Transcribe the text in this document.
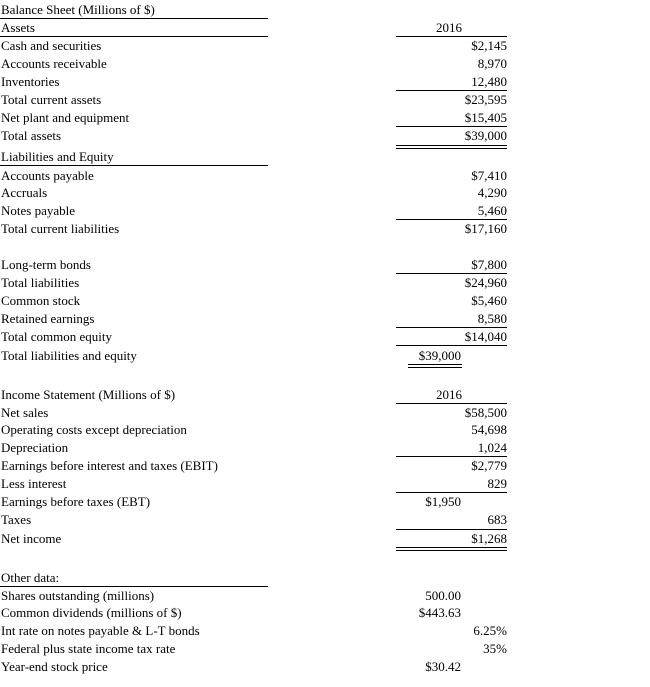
Balance Sheet (Millions of $)
Assets	2016
Cash and securities	$2,145
Accounts receivable	8,970
Inventories	12,480
Total current assets	$23,595
Net plant and equipment	$15,405
Total assets	$39,000
Liabilities and Equity
Accounts payable	$7,410
Accruals	4,290
Notes payable	5,460
Total current liabilities	$17,160
Long-term bonds	$7,800
Total liabilities	$24,960
Common stock	$5,460
Retained earnings	8,580
Total common equity	$14,040
Total liabilities and equity	$39,000
Income Statement (Millions of $)	2016
Net sales	$58,500
Operating costs except depreciation	54,698
Depreciation	1,024
Earnings before interest and taxes (EBIT)	$2,779
Less interest	829
Earnings before taxes (EBT)	$1,950
Taxes	683
Net income	$1,268
Other data:
Shares outstanding (millions)	500.00
Common dividends (millions of $)	$443.63
Int rate on notes payable & L-T bonds	6.25%
Federal plus state income tax rate	35%
Year-end stock price	$30.42
